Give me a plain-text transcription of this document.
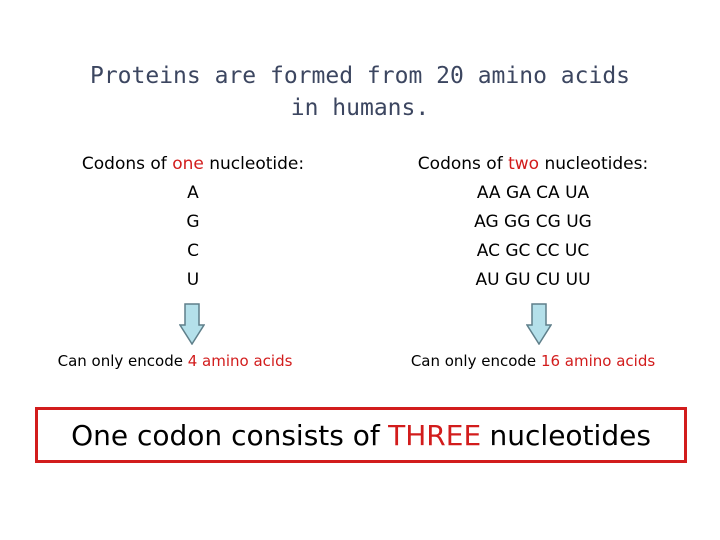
Proteins are formed from 20 amino acids
in humans.
Codons of one nucleotide:
A
G
C
U
Codons of two nucleotides:
AA GA CA UA
AG GG CG UG
AC GC CC UC
AU GU CU UU
Can only encode 4 amino acids	Can only encode 16 amino acids
One codon consists of THREE nucleotides
